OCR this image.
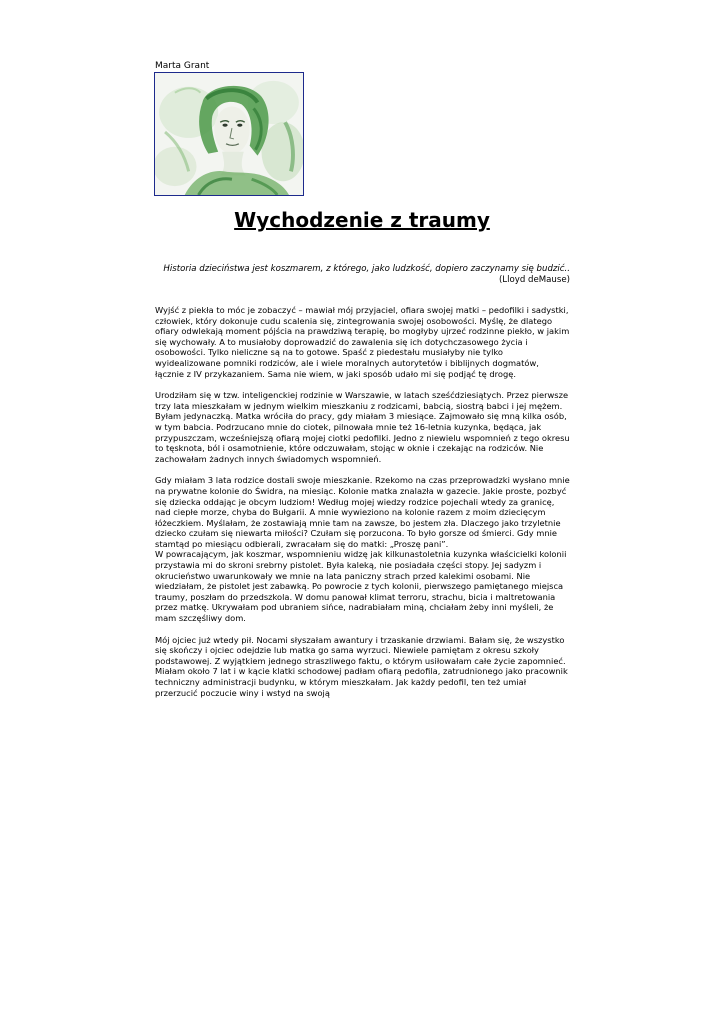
Marta Grant
Wychodzenie z traumy
Historia dzieciństwa jest koszmarem, z którego, jako ludzkość, dopiero zaczynamy się budzić..
(Lloyd deMause)

Wyjść z piekła to móc je zobaczyć – mawiał mój przyjaciel, ofiara swojej matki – pedofilki i sadystki, człowiek, który dokonuje cudu scalenia się, zintegrowania swojej osobowości. Myślę, że dlatego ofiary odwlekają moment pójścia na prawdziwą terapię, bo mogłyby ujrzeć rodzinne piekło, w jakim się wychowały. A to musiałoby doprowadzić do zawalenia się ich dotychczasowego życia i osobowości. Tylko nieliczne są na to gotowe. Spaść z piedestału musiałyby nie tylko wyidealizowane pomniki rodziców, ale i wiele moralnych autorytetów i biblijnych dogmatów, łącznie z IV przykazaniem. Sama nie wiem, w jaki sposób udało mi się podjąć tę drogę.

Urodziłam się w tzw. inteligenckiej rodzinie w Warszawie, w latach sześćdziesiątych. Przez pierwsze trzy lata mieszkałam w jednym wielkim mieszkaniu z rodzicami, babcią, siostrą babci i jej mężem. Byłam jedynaczką. Matka wróciła do pracy, gdy miałam 3 miesiące. Zajmowało się mną kilka osób, w tym babcia. Podrzucano mnie do ciotek, pilnowała mnie też 16-letnia kuzynka, będąca, jak przypuszczam, wcześniejszą ofiarą mojej ciotki pedofilki. Jedno z niewielu wspomnień z tego okresu to tęsknota, ból i osamotnienie, które odczuwałam, stojąc w oknie i czekając na rodziców. Nie zachowałam żadnych innych świadomych wspomnień.

Gdy miałam 3 lata rodzice dostali swoje mieszkanie. Rzekomo na czas przeprowadzki wysłano mnie na prywatne kolonie do Świdra, na miesiąc. Kolonie matka znalazła w gazecie. Jakie proste, pozbyć się dziecka oddając je obcym ludziom! Według mojej wiedzy rodzice pojechali wtedy za granicę, nad ciepłe morze, chyba do Bułgarii. A mnie wywieziono na kolonie razem z moim dziecięcym łóżeczkiem. Myślałam, że zostawiają mnie tam na zawsze, bo jestem zła. Dlaczego jako trzyletnie dziecko czułam się niewarta miłości? Czułam się porzucona. To było gorsze od śmierci. Gdy mnie stamtąd po miesiącu odbierali, zwracałam się do matki: „Proszę pani”.

W powracającym, jak koszmar, wspomnieniu widzę jak kilkunastoletnia kuzynka właścicielki kolonii przystawia mi do skroni srebrny pistolet. Była kaleką, nie posiadała części stopy. Jej sadyzm i okrucieństwo uwarunkowały we mnie na lata paniczny strach przed kalekimi osobami. Nie wiedziałam, że pistolet jest zabawką. Po powrocie z tych kolonii, pierwszego pamiętanego miejsca traumy, poszłam do przedszkola. W domu panował klimat terroru, strachu, bicia i maltretowania przez matkę. Ukrywałam pod ubraniem sińce, nadrabiałam miną, chciałam żeby inni myśleli, że mam szczęśliwy dom.

Mój ojciec już wtedy pił. Nocami słyszałam awantury i trzaskanie drzwiami. Bałam się, że wszystko się skończy i ojciec odejdzie lub matka go sama wyrzuci. Niewiele pamiętam z okresu szkoły podstawowej. Z wyjątkiem jednego straszliwego faktu, o którym usiłowałam całe życie zapomnieć. Miałam około 7 lat i w kącie klatki schodowej padłam ofiarą pedofila, zatrudnionego jako pracownik techniczny administracji budynku, w którym mieszkałam. Jak każdy pedofil, ten też umiał przerzucić poczucie winy i wstyd na swoją
